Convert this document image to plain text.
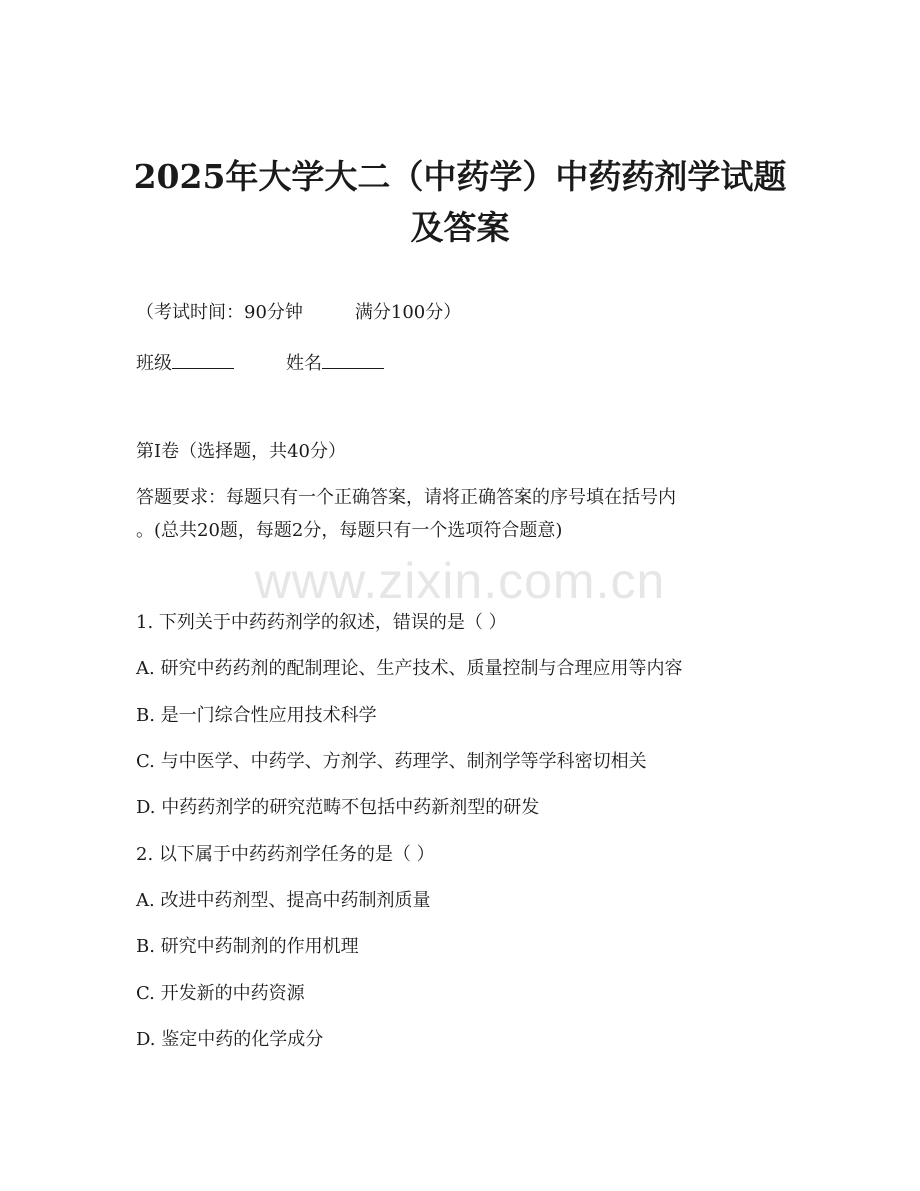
2025年大学大二（中药学）中药药剂学试题
及答案

（考试时间：90分钟	满分100分）

班级	姓名

第Ⅰ卷（选择题，共40分）

答题要求：每题只有一个正确答案，请将正确答案的序号填在括号内

。(总共20题，每题2分，每题只有一个选项符合题意)

www.zixin.com.cn

1. 下列关于中药药剂学的叙述，错误的是（ ）

A. 研究中药药剂的配制理论、生产技术、质量控制与合理应用等内容

B. 是一门综合性应用技术科学

C. 与中医学、中药学、方剂学、药理学、制剂学等学科密切相关

D. 中药药剂学的研究范畴不包括中药新剂型的研发

2. 以下属于中药药剂学任务的是（ ）

A. 改进中药剂型、提高中药制剂质量

B. 研究中药制剂的作用机理

C. 开发新的中药资源

D. 鉴定中药的化学成分
